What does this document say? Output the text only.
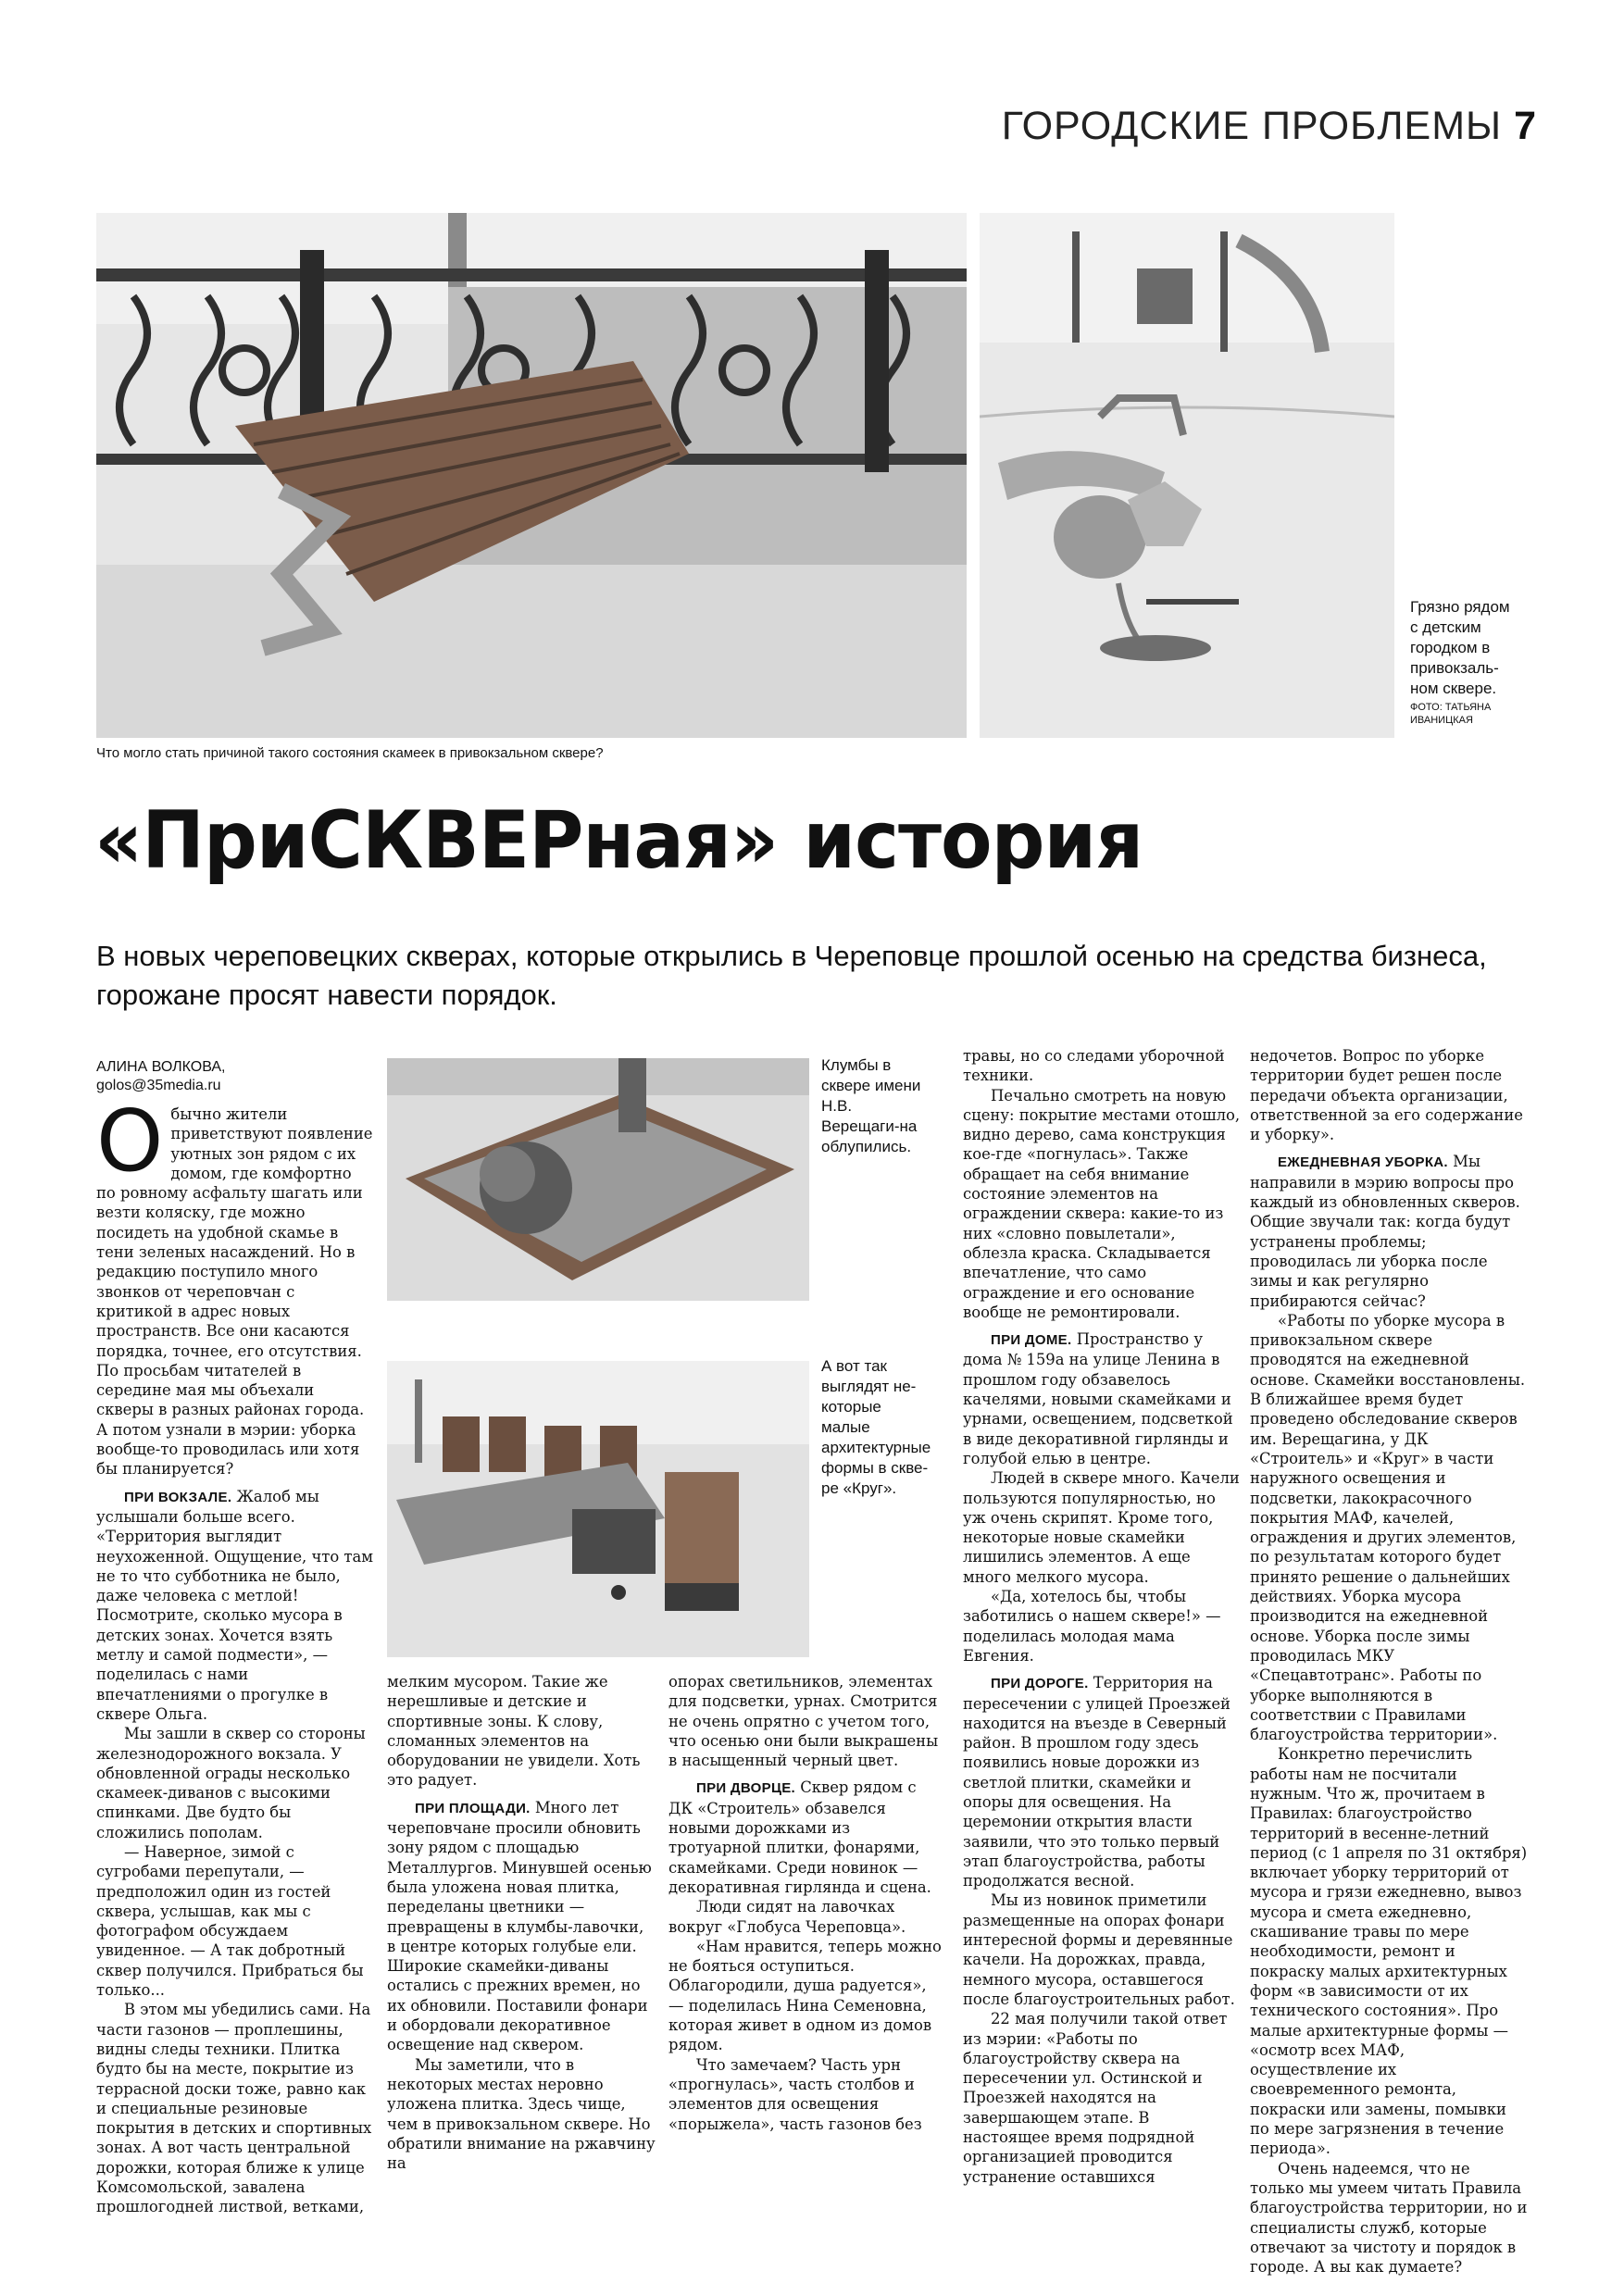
ГОРОДСКИЕ ПРОБЛЕМЫ 7
Что могло стать причиной такого состояния скамеек в привокзальном сквере?
Грязно рядом с детским городком в привокзаль-ном сквере.
ФОТО: ТАТЬЯНА ИВАНИЦКАЯ
«ПриСКВЕРная» история
В новых череповецких скверах, которые открылись в Череповце прошлой осенью на средства бизнеса, горожане просят навести порядок.
АЛИНА ВОЛКОВА,
golos@35media.ru
Клумбы в сквере имени Н.В. Верещаги-на облупились.
А вот так выглядят не-которые малые архитектурные формы в скве-ре «Круг».

Обычно жители приветствуют появление уютных зон рядом с их домом, где комфортно по ровному асфальту шагать или везти коляску, где можно посидеть на удобной скамье в тени зеленых насаждений. Но в редакцию поступило много звонков от череповчан с критикой в адрес новых пространств. Все они касаются порядка, точнее, его отсутствия. По просьбам читателей в середине мая мы объехали скверы в разных районах города. А потом узнали в мэрии: уборка вообще-то проводилась или хотя бы планируется?

ПРИ ВОКЗАЛЕ. Жалоб мы услышали больше всего. «Территория выглядит неухоженной. Ощущение, что там не то что субботника не было, даже человека с метлой! Посмотрите, сколько мусора в детских зонах. Хочется взять метлу и самой подмести», — поделилась с нами впечатлениями о прогулке в сквере Ольга.

Мы зашли в сквер со стороны железнодорожного вокзала. У обновленной ограды несколько скамеек-диванов с высокими спинками. Две будто бы сложились пополам.

— Наверное, зимой с сугробами перепутали, — предположил один из гостей сквера, услышав, как мы с фотографом обсуждаем увиденное. — А так добротный сквер получился. Прибраться бы только...

В этом мы убедились сами. На части газонов — проплешины, видны следы техники. Плитка будто бы на месте, покрытие из террасной доски тоже, равно как и специальные резиновые покрытия в детских и спортивных зонах. А вот часть центральной дорожки, которая ближе к улице Комсомольской, завалена прошлогодней листвой, ветками,

мелким мусором. Такие же нерешливые и детские и спортивные зоны. К слову, сломанных элементов на оборудовании не увидели. Хоть это радует.

ПРИ ПЛОЩАДИ. Много лет череповчане просили обновить зону рядом с площадью Металлургов. Минувшей осенью была уложена новая плитка, переделаны цветники — превращены в клумбы-лавочки, в центре которых голубые ели. Широкие скамейки-диваны остались с прежних времен, но их обновили. Поставили фонари и обордовали декоративное освещение над сквером.

Мы заметили, что в некоторых местах неровно уложена плитка. Здесь чище, чем в привокзальном сквере. Но обратили внимание на ржавчину на

опорах светильников, элементах для подсветки, урнах. Смотрится не очень опрятно с учетом того, что осенью они были выкрашены в насыщенный черный цвет.

ПРИ ДВОРЦЕ. Сквер рядом с ДК «Строитель» обзавелся новыми дорожками из тротуарной плитки, фонарями, скамейками. Среди новинок — декоративная гирлянда и сцена.

Люди сидят на лавочках вокруг «Глобуса Череповца».

«Нам нравится, теперь можно не бояться оступиться. Облагородили, душа радуется», — поделилась Нина Семеновна, которая живет в одном из домов рядом.

Что замечаем? Часть урн «прогнулась», часть столбов и элементов для освещения «порыжела», часть газонов без

травы, но со следами уборочной техники.

Печально смотреть на новую сцену: покрытие местами отошло, видно дерево, сама конструкция кое-где «погнулась». Также обращает на себя внимание состояние элементов на ограждении сквера: какие-то из них «словно повылетали», облезла краска. Складывается впечатление, что само ограждение и его основание вообще не ремонтировали.

ПРИ ДОМЕ. Пространство у дома № 159а на улице Ленина в прошлом году обзавелось качелями, новыми скамейками и урнами, освещением, подсветкой в виде декоративной гирлянды и голубой елью в центре.

Людей в сквере много. Качели пользуются популярностью, но уж очень скрипят. Кроме того, некоторые новые скамейки лишились элементов. А еще много мелкого мусора.

«Да, хотелось бы, чтобы заботились о нашем сквере!» — поделилась молодая мама Евгения.

ПРИ ДОРОГЕ. Территория на пересечении с улицей Проезжей находится на въезде в Северный район. В прошлом году здесь появились новые дорожки из светлой плитки, скамейки и опоры для освещения. На церемонии открытия власти заявили, что это только первый этап благоустройства, работы продолжатся весной.

Мы из новинок приметили размещенные на опорах фонари интересной формы и деревянные качели. На дорожках, правда, немного мусора, оставшегося после благоустроительных работ.

22 мая получили такой ответ из мэрии: «Работы по благоустройству сквера на пересечении ул. Остинской и Проезжей находятся на завершающем этапе. В настоящее время подрядной организацией проводится устранение оставшихся

недочетов. Вопрос по уборке территории будет решен после передачи объекта организации, ответственной за его содержание и уборку».

ЕЖЕДНЕВНАЯ УБОРКА. Мы направили в мэрию вопросы про каждый из обновленных скверов. Общие звучали так: когда будут устранены проблемы; проводилась ли уборка после зимы и как регулярно прибираются сейчас?

«Работы по уборке мусора в привокзальном сквере проводятся на ежедневной основе. Скамейки восстановлены. В ближайшее время будет проведено обследование скверов им. Верещагина, у ДК «Строитель» и «Круг» в части наружного освещения и подсветки, лакокрасочного покрытия МАФ, качелей, ограждения и других элементов, по результатам которого будет принято решение о дальнейших действиях. Уборка мусора производится на ежедневной основе. Уборка после зимы проводилась МКУ «Спецавтотранс». Работы по уборке выполняются в соответствии с Правилами благоустройства территории».

Конкретно перечислить работы нам не посчитали нужным. Что ж, прочитаем в Правилах: благоустройство территорий в весенне-летний период (с 1 апреля по 31 октября) включает уборку территорий от мусора и грязи ежедневно, вывоз мусора и смета ежедневно, скашивание травы по мере необходимости, ремонт и покраску малых архитектурных форм «в зависимости от их технического состояния». Про малые архитектурные формы — «осмотр всех МАФ, осуществление их своевременного ремонта, покраски или замены, помывки по мере загрязнения в течение периода».

Очень надеемся, что не только мы умеем читать Правила благоустройства территории, но и специалисты служб, которые отвечают за чистоту и порядок в городе. А вы как думаете?
